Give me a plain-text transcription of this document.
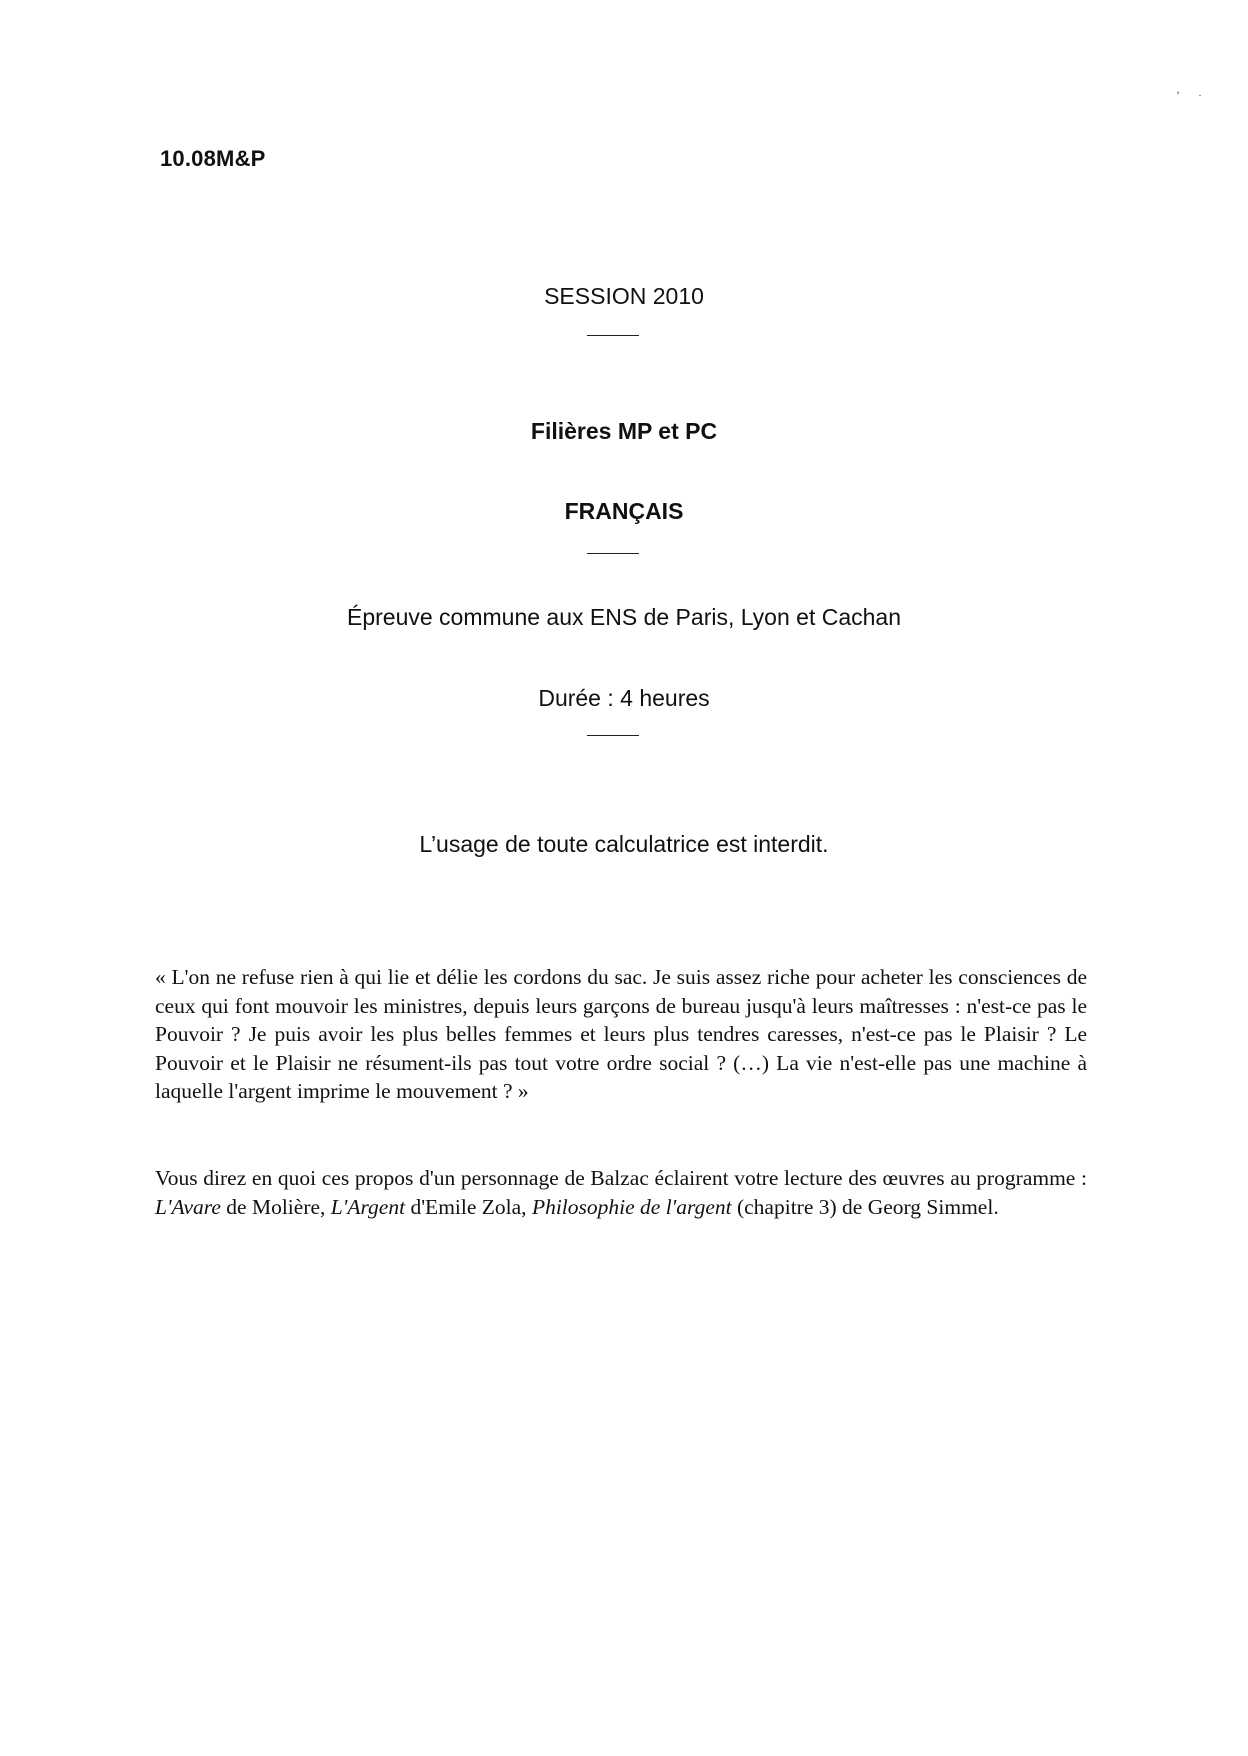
’      ·
10.08M&P
SESSION 2010
Filières MP et PC
FRANÇAIS
Épreuve commune aux ENS de Paris, Lyon et Cachan
Durée : 4 heures
L’usage de toute calculatrice est interdit.
« L'on ne refuse rien à qui lie et délie les cordons du sac. Je suis assez riche pour acheter les consciences de ceux qui font mouvoir les ministres, depuis leurs garçons de bureau jusqu'à leurs maîtresses : n'est-ce pas le Pouvoir ? Je puis avoir les plus belles femmes et leurs plus tendres caresses, n'est-ce pas le Plaisir ? Le Pouvoir et le Plaisir ne résument-ils pas tout votre ordre social ? (…) La vie n'est-elle pas une machine à laquelle l'argent imprime le mouvement ? »
Vous direz en quoi ces propos d'un personnage de Balzac éclairent votre lecture des œuvres au programme : L'Avare de Molière, L'Argent d'Emile Zola, Philosophie de l'argent (chapitre 3) de Georg Simmel.
